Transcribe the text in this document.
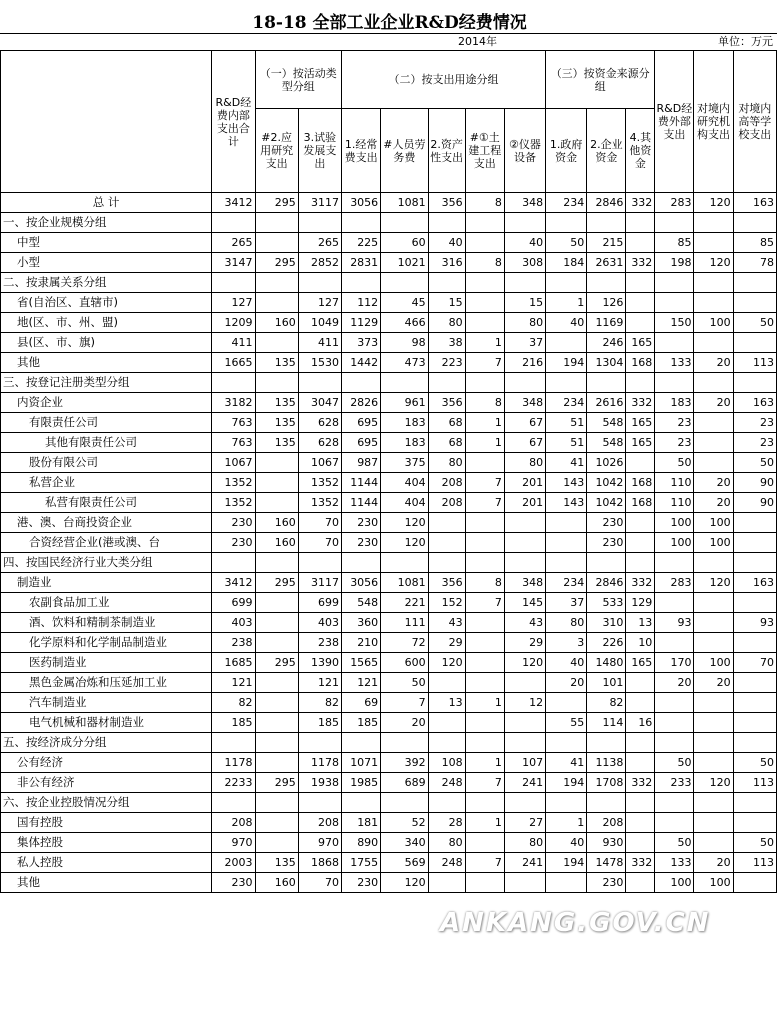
18-18 全部工业企业R&D经费情况
2014年	单位：万元
	R&D经费内部支出合计	（一）按活动类型分组		（二）按支出用途分组					（三）按资金来源分组			R&D经费外部支出	对境内研究机构支出	对境内高等学校支出
		#2.应用研究支出	3.试验发展支出	1.经常费支出	#人员劳务费	2.资产性支出	#①土建工程支出	②仪器设备	1.政府资金	2.企业资金	4.其他资金			
总 计	3412	295	3117	3056	1081	356	8	348	234	2846	332	283	120	163
一、按企业规模分组														
中型	265		265	225	60	40		40	50	215		85		85
小型	3147	295	2852	2831	1021	316	8	308	184	2631	332	198	120	78
二、按隶属关系分组														
省(自治区、直辖市)	127		127	112	45	15		15	1	126				
地(区、市、州、盟)	1209	160	1049	1129	466	80		80	40	1169		150	100	50
县(区、市、旗)	411		411	373	98	38	1	37		246	165			
其他	1665	135	1530	1442	473	223	7	216	194	1304	168	133	20	113
三、按登记注册类型分组														
内资企业	3182	135	3047	2826	961	356	8	348	234	2616	332	183	20	163
有限责任公司	763	135	628	695	183	68	1	67	51	548	165	23		23
其他有限责任公司	763	135	628	695	183	68	1	67	51	548	165	23		23
股份有限公司	1067		1067	987	375	80		80	41	1026		50		50
私营企业	1352		1352	1144	404	208	7	201	143	1042	168	110	20	90
私营有限责任公司	1352		1352	1144	404	208	7	201	143	1042	168	110	20	90
港、澳、台商投资企业	230	160	70	230	120					230		100	100	
合资经营企业(港或澳、台	230	160	70	230	120					230		100	100	
四、按国民经济行业大类分组														
制造业	3412	295	3117	3056	1081	356	8	348	234	2846	332	283	120	163
农副食品加工业	699		699	548	221	152	7	145	37	533	129			
酒、饮料和精制茶制造业	403		403	360	111	43		43	80	310	13	93		93
化学原料和化学制品制造业	238		238	210	72	29		29	3	226	10			
医药制造业	1685	295	1390	1565	600	120		120	40	1480	165	170	100	70
黑色金属冶炼和压延加工业	121		121	121	50				20	101		20	20	
汽车制造业	82		82	69	7	13	1	12		82				
电气机械和器材制造业	185		185	185	20				55	114	16			
五、按经济成分分组														
公有经济	1178		1178	1071	392	108	1	107	41	1138		50		50
非公有经济	2233	295	1938	1985	689	248	7	241	194	1708	332	233	120	113
六、按企业控股情况分组														
国有控股	208		208	181	52	28	1	27	1	208				
集体控股	970		970	890	340	80		80	40	930		50		50
私人控股	2003	135	1868	1755	569	248	7	241	194	1478	332	133	20	113
其他	230	160	70	230	120					230		100	100	
ANKANG.GOV.CN
